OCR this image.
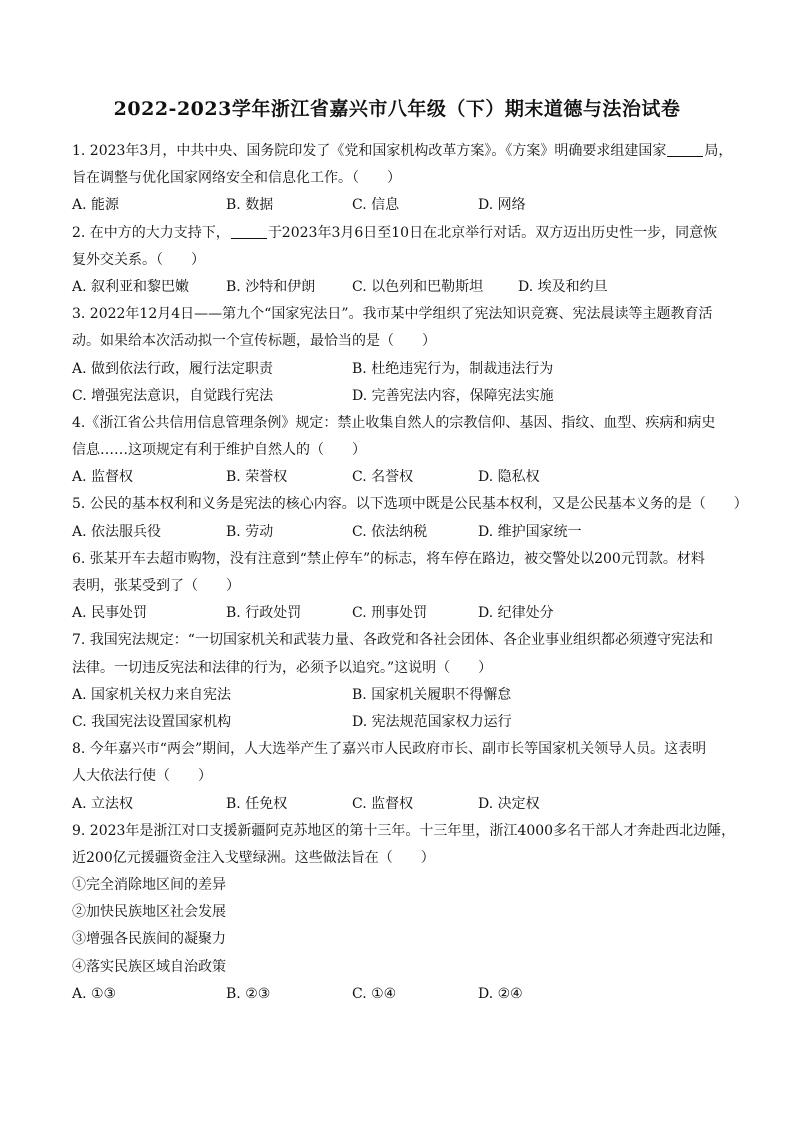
2022-2023学年浙江省嘉兴市八年级（下）期末道德与法治试卷
1. 2023年3月，中共中央、国务院印发了《党和国家机构改革方案》。《方案》明确要求组建国家	局，
旨在调整与优化国家网络安全和信息化工作。（　　）
A. 能源	B. 数据	C. 信息	D. 网络
2. 在中方的大力支持下，	于2023年3月6日至10日在北京举行对话。双方迈出历史性一步，同意恢
复外交关系。（　　）
A. 叙利亚和黎巴嫩	B. 沙特和伊朗	C. 以色列和巴勒斯坦 D. 埃及和约旦
3. 2022年12月4日——第九个“国家宪法日”。我市某中学组织了宪法知识竞赛、宪法晨读等主题教育活
动。如果给本次活动拟一个宣传标题，最恰当的是（　　）
A. 做到依法行政，履行法定职责	B. 杜绝违宪行为，制裁违法行为
C. 增强宪法意识，自觉践行宪法	D. 完善宪法内容，保障宪法实施
4.《浙江省公共信用信息管理条例》规定：禁止收集自然人的宗教信仰、基因、指纹、血型、疾病和病史
信息……这项规定有利于维护自然人的（　　）
A. 监督权	B. 荣誉权	C. 名誉权	D. 隐私权
5. 公民的基本权利和义务是宪法的核心内容。以下选项中既是公民基本权利，又是公民基本义务的是（　　）
A. 依法服兵役	B. 劳动	C. 依法纳税	D. 维护国家统一
6. 张某开车去超市购物，没有注意到“禁止停车”的标志，将车停在路边，被交警处以200元罚款。材料
表明，张某受到了（　　）
A. 民事处罚	B. 行政处罚	C. 刑事处罚	D. 纪律处分
7. 我国宪法规定：“一切国家机关和武装力量、各政党和各社会团体、各企业事业组织都必须遵守宪法和
法律。一切违反宪法和法律的行为，必须予以追究。”这说明（　　）
A. 国家机关权力来自宪法	B. 国家机关履职不得懈怠
C. 我国宪法设置国家机构	D. 宪法规范国家权力运行
8. 今年嘉兴市“两会”期间，人大选举产生了嘉兴市人民政府市长、副市长等国家机关领导人员。这表明
人大依法行使（　　）
A. 立法权	B. 任免权	C. 监督权	D. 决定权
9. 2023年是浙江对口支援新疆阿克苏地区的第十三年。十三年里，浙江4000多名干部人才奔赴西北边陲，
近200亿元援疆资金注入戈壁绿洲。这些做法旨在（　　）
①完全消除地区间的差异
②加快民族地区社会发展
③增强各民族间的凝聚力
④落实民族区域自治政策
A. ①③	B. ②③	C. ①④	D. ②④
